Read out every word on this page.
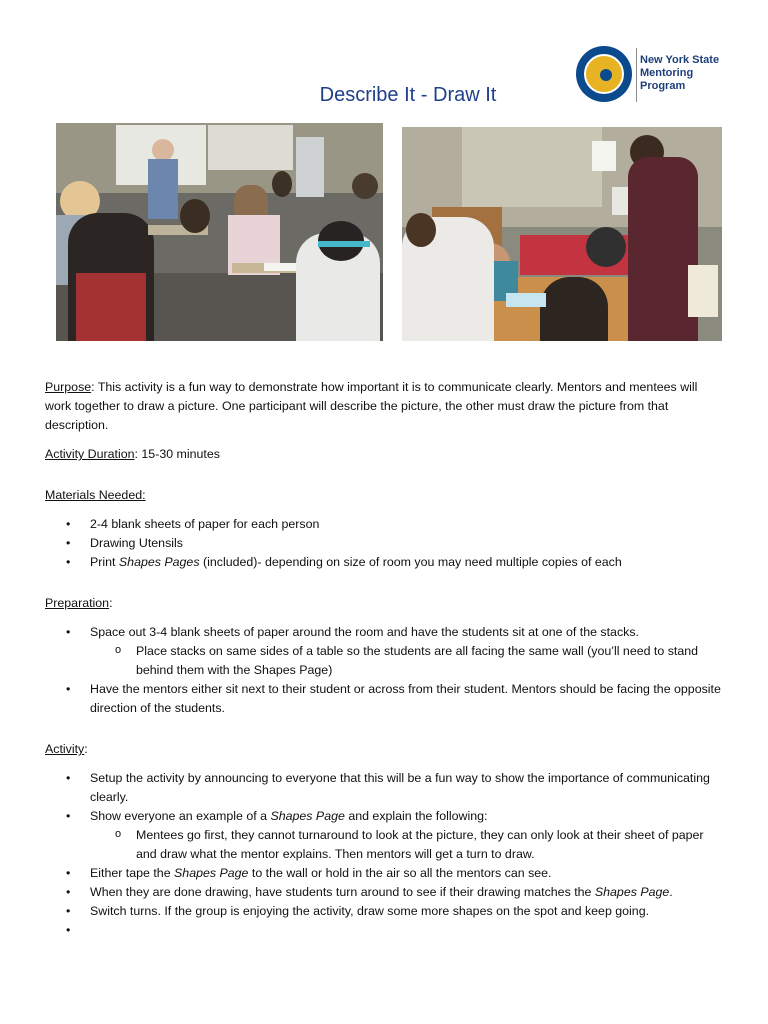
New York State
Mentoring
Program
Describe It - Draw It

Purpose: This activity is a fun way to demonstrate how important it is to communicate clearly. Mentors and mentees will work together to draw a picture. One participant will describe the picture, the other must draw the picture from that description.

Activity Duration: 15-30 minutes

Materials Needed:

• 2-4 blank sheets of paper for each person
• Drawing Utensils
• Print Shapes Pages (included)- depending on size of room you may need multiple copies of each

Preparation:

• Space out 3-4 blank sheets of paper around the room and have the students sit at one of the stacks.
o Place stacks on same sides of a table so the students are all facing the same wall (you’ll need to stand behind them with the Shapes Page)
• Have the mentors either sit next to their student or across from their student. Mentors should be facing the opposite direction of the students.

Activity:

• Setup the activity by announcing to everyone that this will be a fun way to show the importance of communicating clearly.
• Show everyone an example of a Shapes Page and explain the following:
o Mentees go first, they cannot turnaround to look at the picture, they can only look at their sheet of paper and draw what the mentor explains. Then mentors will get a turn to draw.
• Either tape the Shapes Page to the wall or hold in the air so all the mentors can see.
• When they are done drawing, have students turn around to see if their drawing matches the Shapes Page.
• Switch turns. If the group is enjoying the activity, draw some more shapes on the spot and keep going.
•
